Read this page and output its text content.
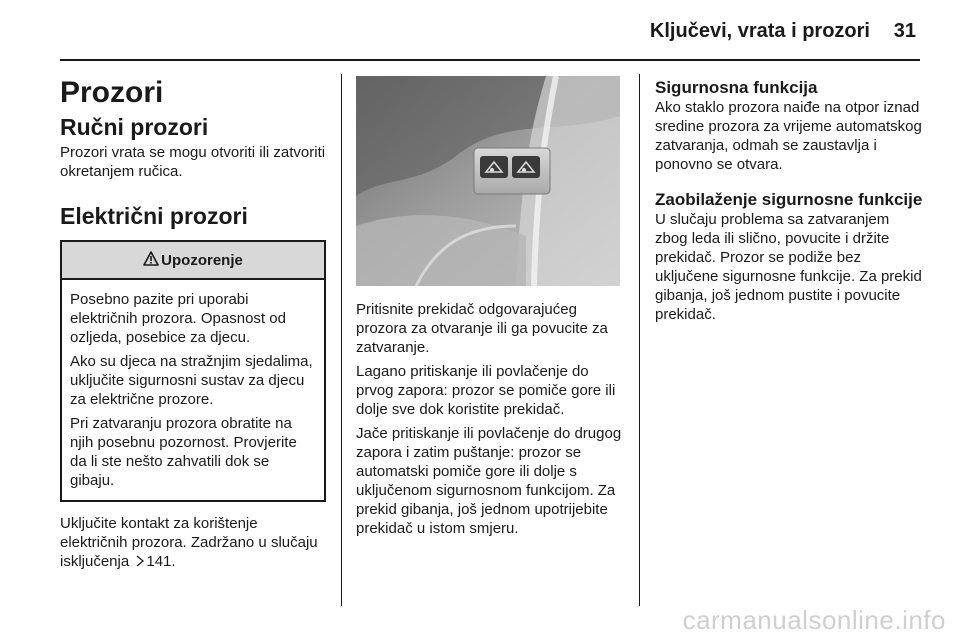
Ključevi, vrata i prozori 31
Prozori
Ručni prozori

Prozori vrata se mogu otvoriti ili zatvoriti okretanjem ručica.

Električni prozori
Upozorenje

Posebno pazite pri uporabi električnih prozora. Opasnost od ozljeda, posebice za djecu.

Ako su djeca na stražnjim sjedalima, uključite sigurnosni sustav za djecu za električne prozore.

Pri zatvaranju prozora obratite na njih posebnu pozornost. Provjerite da li ste nešto zahvatili dok se gibaju.

Uključite kontakt za korištenje električnih prozora. Zadržano u slučaju isključenja 141.

Pritisnite prekidač odgovarajućeg prozora za otvaranje ili ga povucite za zatvaranje.

Lagano pritiskanje ili povlačenje do prvog zapora: prozor se pomiče gore ili dolje sve dok koristite prekidač.

Jače pritiskanje ili povlačenje do drugog zapora i zatim puštanje: prozor se automatski pomiče gore ili dolje s uključenom sigurnosnom funkcijom. Za prekid gibanja, još jednom upotrijebite prekidač u istom smjeru.

Sigurnosna funkcija

Ako staklo prozora naiđe na otpor iznad sredine prozora za vrijeme automatskog zatvaranja, odmah se zaustavlja i ponovno se otvara.

Zaobilaženje sigurnosne funkcije

U slučaju problema sa zatvaranjem zbog leda ili slično, povucite i držite prekidač. Prozor se podiže bez uključene sigurnosne funkcije. Za prekid gibanja, još jednom pustite i povucite prekidač.

carmanualsonline.info
